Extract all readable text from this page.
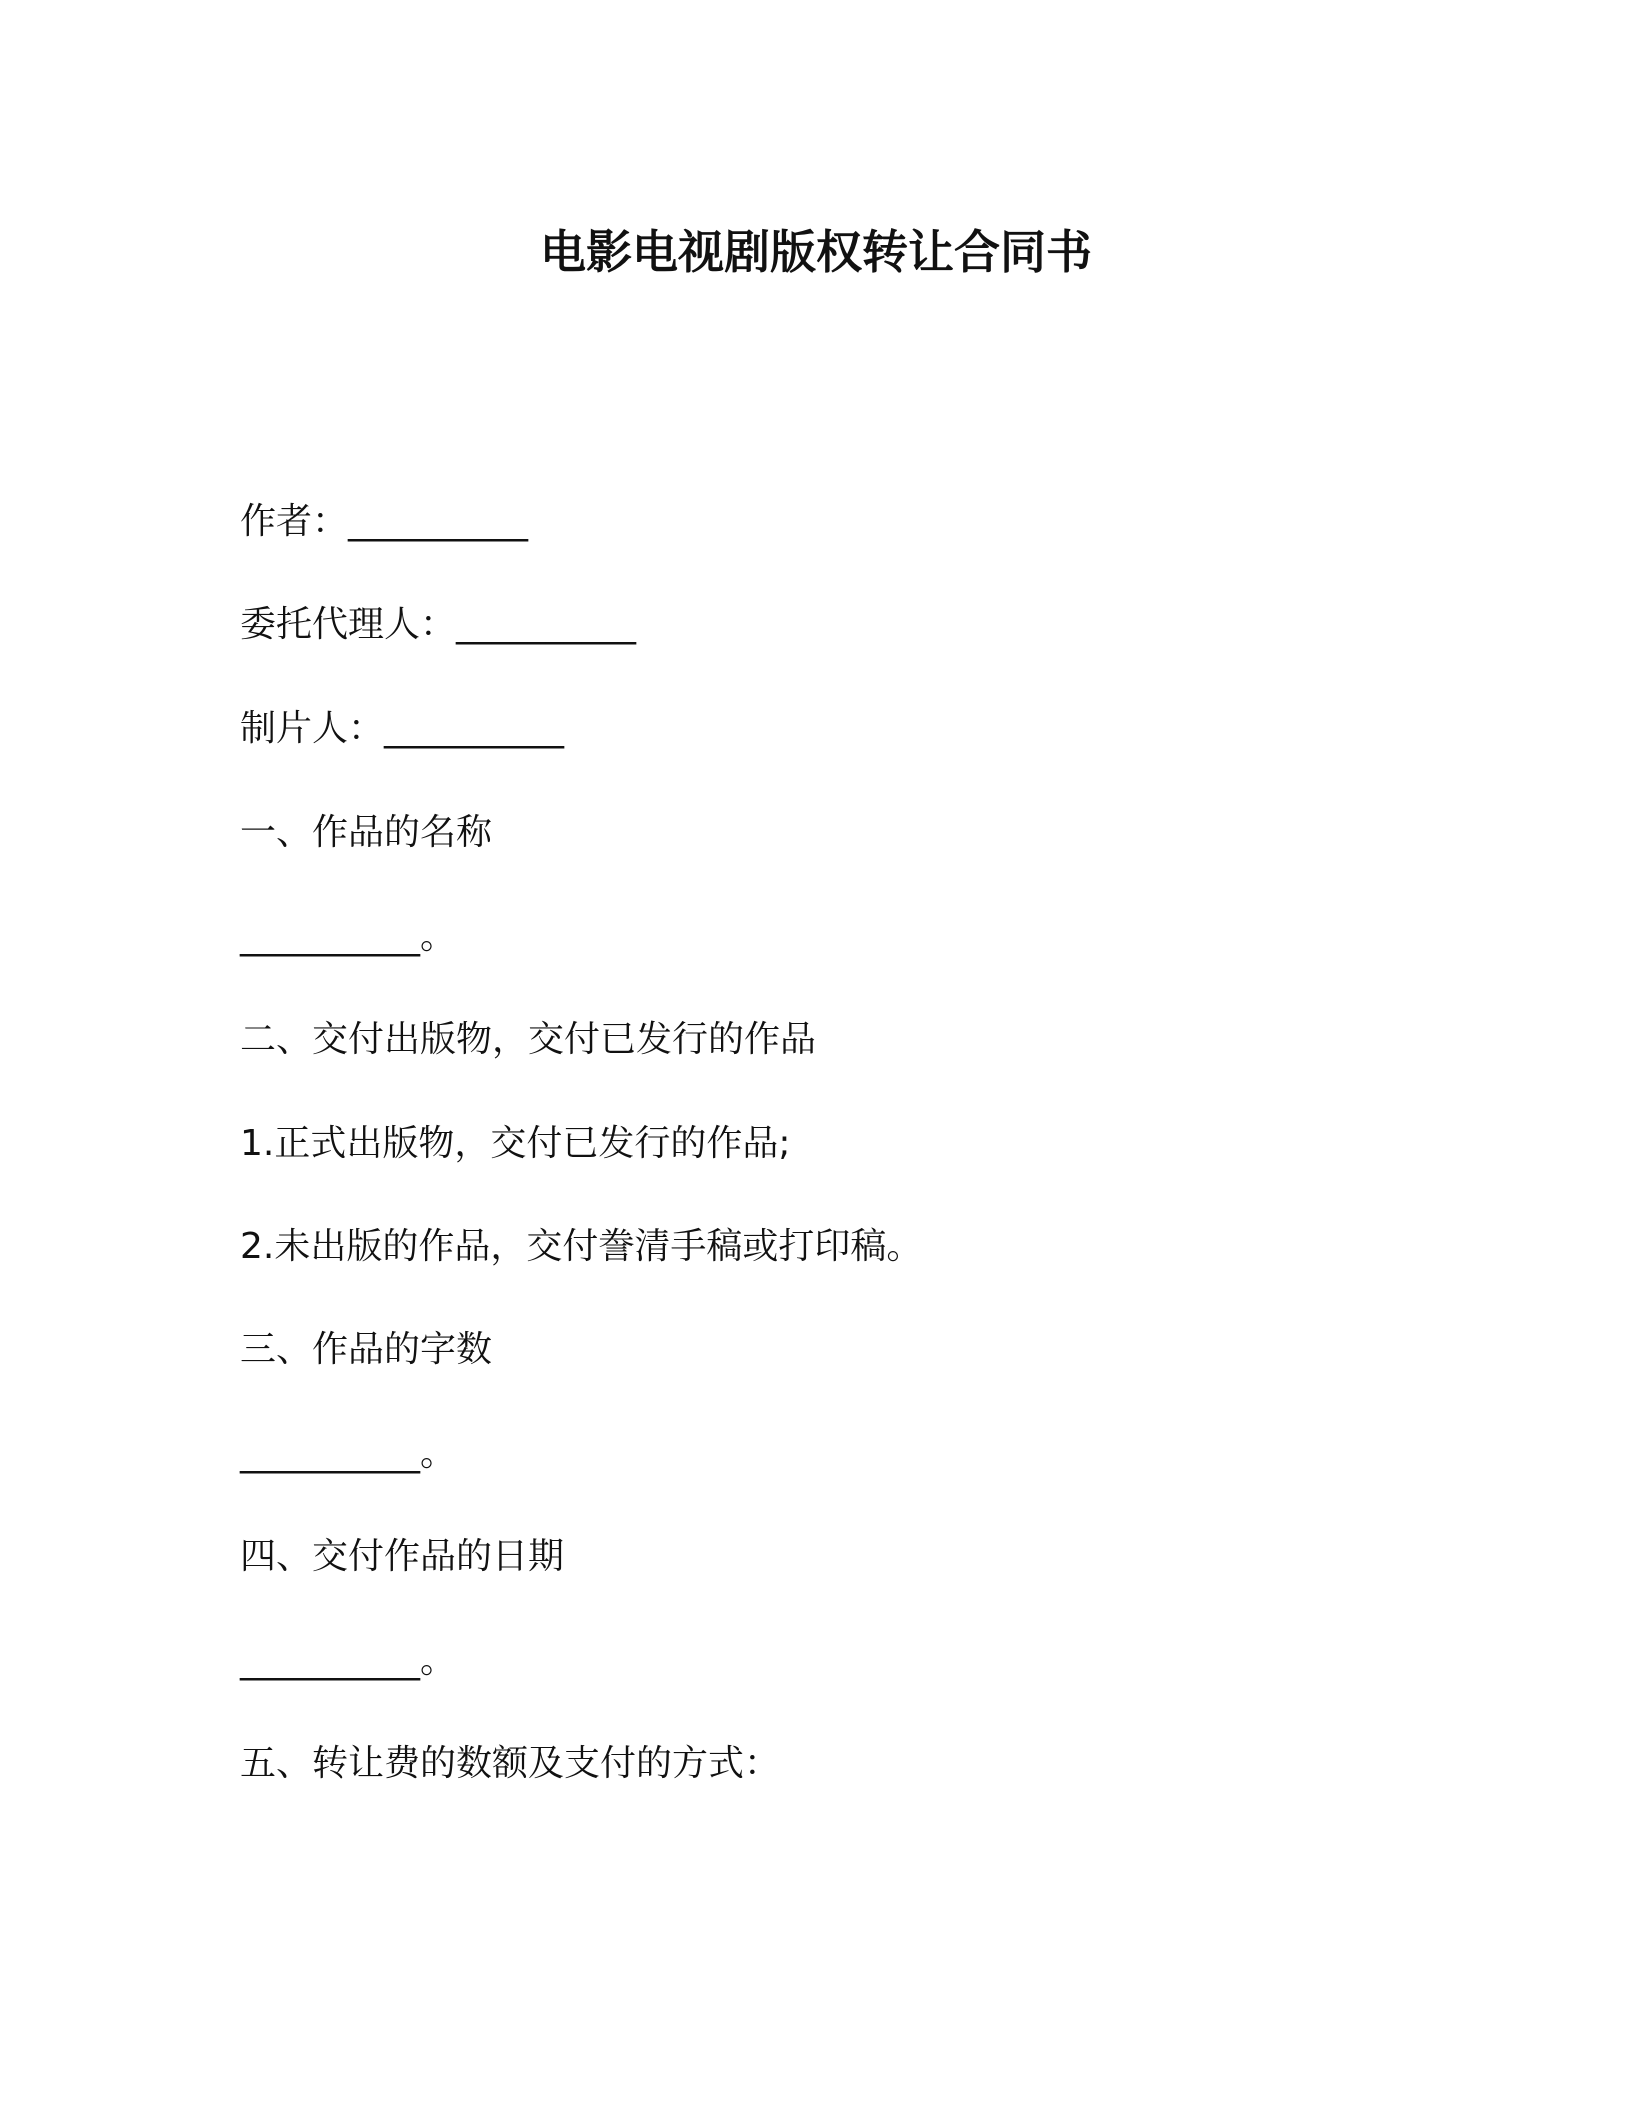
电影电视剧版权转让合同书

作者：__________

委托代理人：__________

制片人：__________

一、作品的名称

__________。

二、交付出版物，交付已发行的作品

1.正式出版物，交付已发行的作品;

2.未出版的作品，交付誊清手稿或打印稿。

三、作品的字数

__________。

四、交付作品的日期

__________。

五、转让费的数额及支付的方式：
